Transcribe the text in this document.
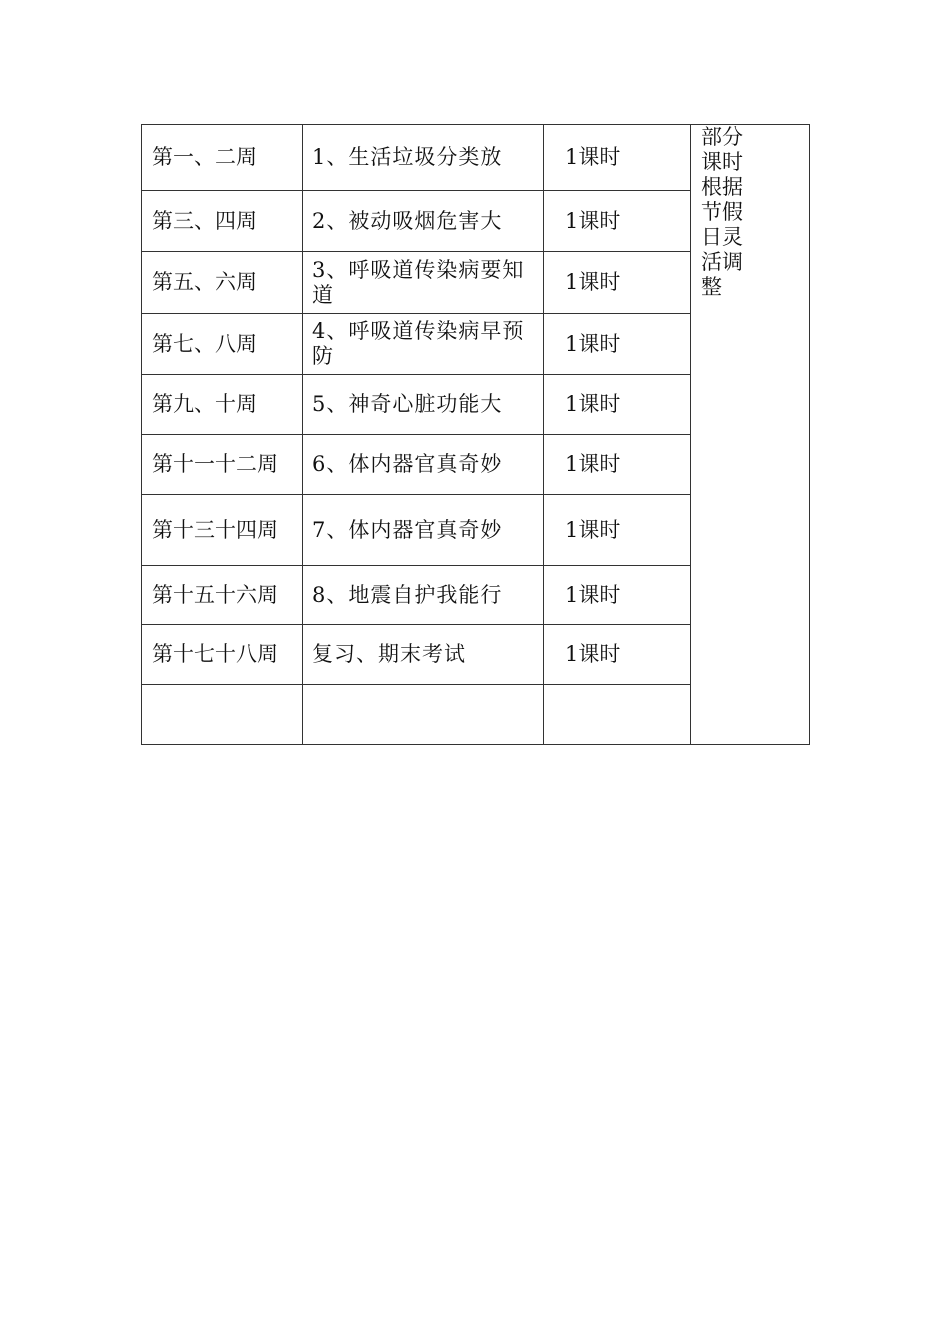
第一、二周	1、生活垃圾分类放	1课时	部分课时根据节假日灵活调整

第三、四周	2、被动吸烟危害大	1课时	
第五、六周	3、呼吸道传染病要知道	1课时	
第七、八周	4、呼吸道传染病早预防	1课时	
第九、十周	5、神奇心脏功能大	1课时	
第十一十二周	6、体内器官真奇妙	1课时	
第十三十四周	7、体内器官真奇妙	1课时	
第十五十六周	8、地震自护我能行	1课时	
第十七十八周	复习、期末考试	1课时	
